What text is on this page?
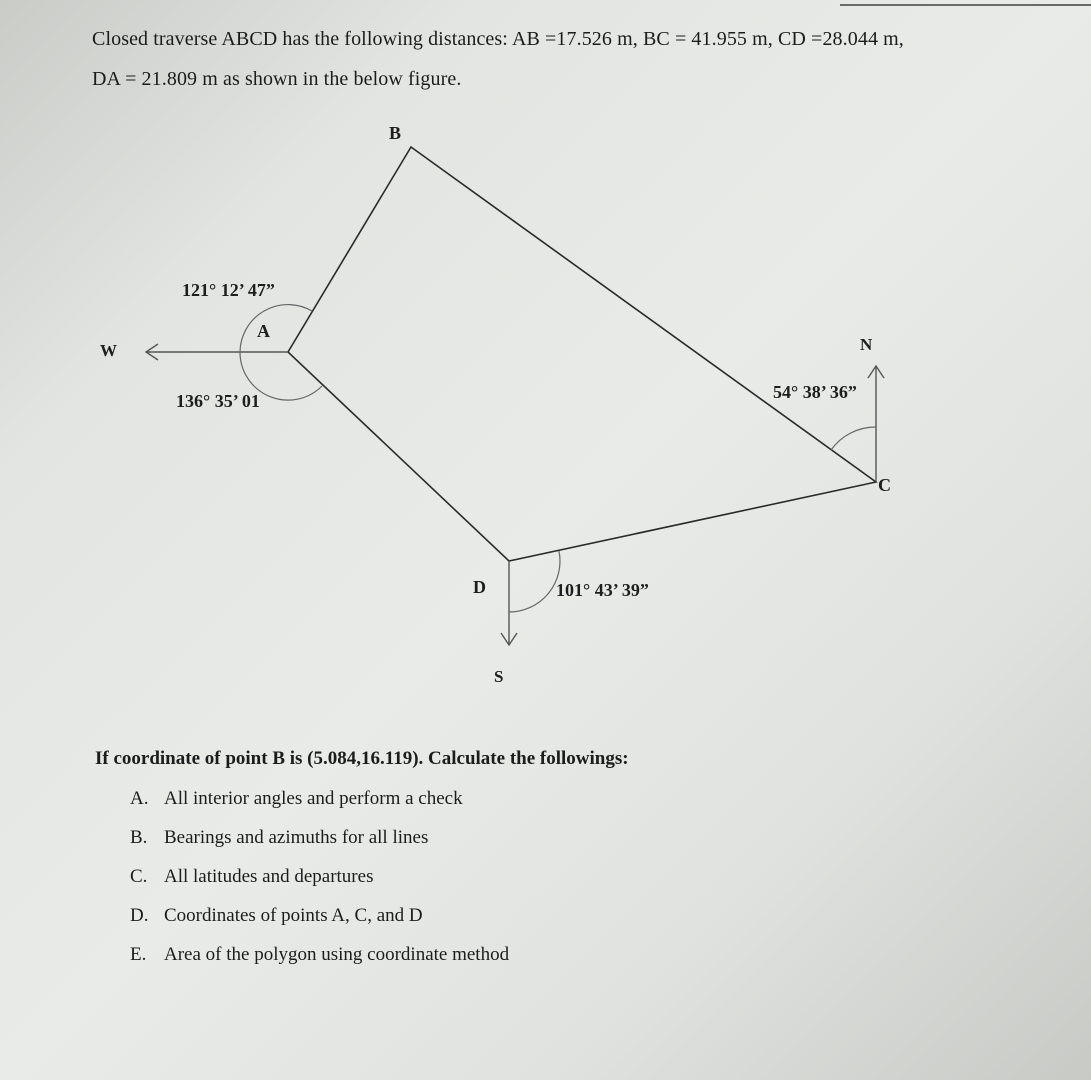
Closed traverse ABCD has the following distances: AB =17.526 m, BC = 41.955 m, CD =28.044 m,
DA = 21.809 m as shown in the below figure.
B
A
C
D
W	N
S
121° 12’ 47”
136° 35’ 01	54° 38’ 36”
101° 43’ 39”
If coordinate of point B is (5.084,16.119). Calculate the followings:
A. All interior angles and perform a check
B. Bearings and azimuths for all lines
C. All latitudes and departures
D. Coordinates of points A, C, and D
E. Area of the polygon using coordinate method
